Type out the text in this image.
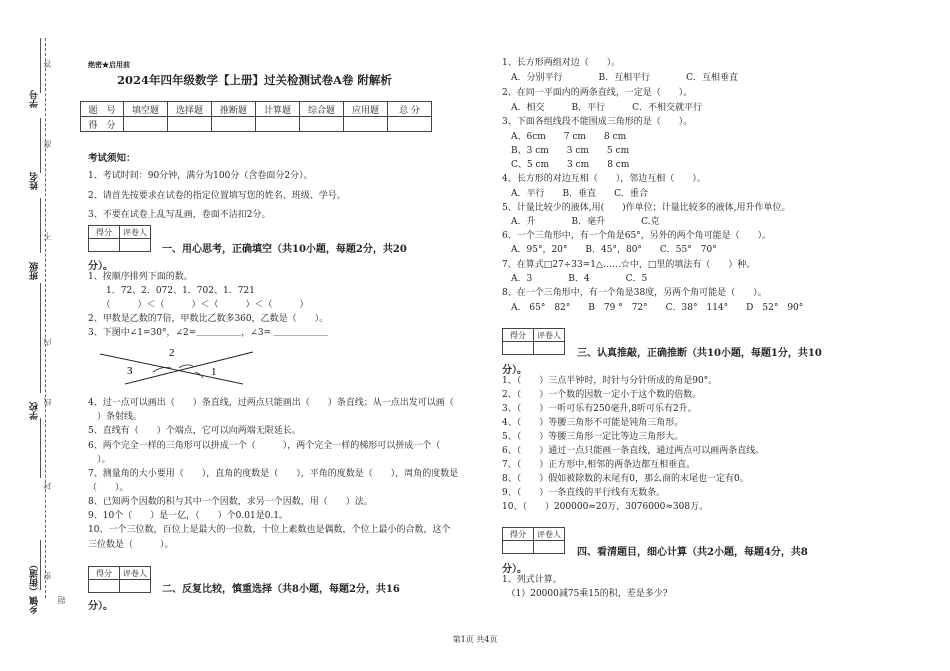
学号
姓名
班级
学校
乡镇（街道）
答
准
不
内
线
封
密
题
绝密★启用前
2024年四年级数学【上册】过关检测试卷A卷 附解析
题　号	填空题	选择题	推断题	计算题	综合题	应用题	总 分
得　分							
考试须知：
1、考试时间：90分钟，满分为100分（含卷面分2分）。
2、请首先按要求在试卷的指定位置填写您的姓名、班级、学号。
3、不要在试卷上乱写乱画，卷面不洁扣2分。
得分	评卷人

一、用心思考，正确填空（共10小题，每题2分，共20
分）。
1、按顺序排列下面的数。
　　1．72、2．072、1．702、1．721
　　（　　　）＜（　　　）＜（　　　）＜（　　　）
2、甲数是乙数的7倍，甲数比乙数多360，乙数是（　　）。
3、下图中∠1=30°，∠2=＿＿＿＿＿，∠3= ＿＿＿＿＿＿
3
2
1
4、过一点可以画出（　　）条直线，过两点只能画出（　　）条直线；从一点出发可以画（
　）条射线。
5、直线有（　　）个端点，它可以向两端无限延长。
6、两个完全一样的三角形可以拼成一个（　　　），两个完全一样的梯形可以拼成一个（
　）。
7、测量角的大小要用（　　），直角的度数是（　　），平角的度数是（　　），周角的度数是
（　　）。
8、已知两个因数的积与其中一个因数，求另一个因数，用（　　）法。
9、10个（　　）是一亿，（　　）个0.01是0.1。
10、一个三位数，百位上是最大的一位数，十位上素数也是偶数，个位上最小的合数，这个
三位数是（　　　）。
得分	评卷人

二、反复比较，慎重选择（共8小题，每题2分，共16
分）。
1、长方形两组对边（　　）。
　A．分别平行　　　　B．互相平行　　　　C．互相垂直
2、在同一平面内的两条直线，一定是（　　）。
　A．相交　　　B．平行　　　C．不相交就平行
3、下面各组线段不能围成三角形的是（　　）。
　A、6cm　　7 cm　　8 cm
　B、3 cm　　3 cm　　5 cm
　C、5 cm　　3 cm　　8 cm
4、长方形的对边互相（　　），邻边互相（　　）。
　A．平行　　B．垂直　　C．重合
5、计量比较少的液体,用(　　)作单位；计量比较多的液体,用升作单位。
　A．升　　　　B．毫升　　　　C.克
6、一个三角形中，有一个角是65°，另外的两个角可能是（　　）。
　A．95°，20°　　B．45°，80°　　C．55°　70°
7、在算式□27÷33=1△……☆中，□里的填法有（　　）种。
　A．3　　　　B．4　　　　C．5
8、在一个三角形中，有一个角是38度，另两个角可能是（　　）。
　A． 65°　82°　　B　79 °　72°　　C．38°　114°　　D　52°　90°
得分	评卷人

三、认真推敲，正确推断（共10小题，每题1分，共10
分）。
1、（　　）三点半钟时，时针与分针所成的角是90°。
2、（　　）一个数的因数一定小于这个数的倍数。
3、（　　）一听可乐有250毫升,8听可乐有2升。
4、（　　）等腰三角形不可能是钝角三角形。
5、（　　）等腰三角形一定比等边三角形大。
6、（　　）通过一点只能画一条直线，通过两点可以画两条直线。
7、（　　）正方形中,相邻的两条边都互相垂直。
8、（　　）假如被除数的末尾有0，那么商的末尾也一定有0。
9、（　　）一条直线的平行线有无数条。
10、（　　）200000≈20万，3076000≈308万。
得分	评卷人

四、看清题目，细心计算（共2小题，每题4分，共8
分）。
1、列式计算。
　（1）20000减75乘15的积，差是多少?
第1页 共4页
